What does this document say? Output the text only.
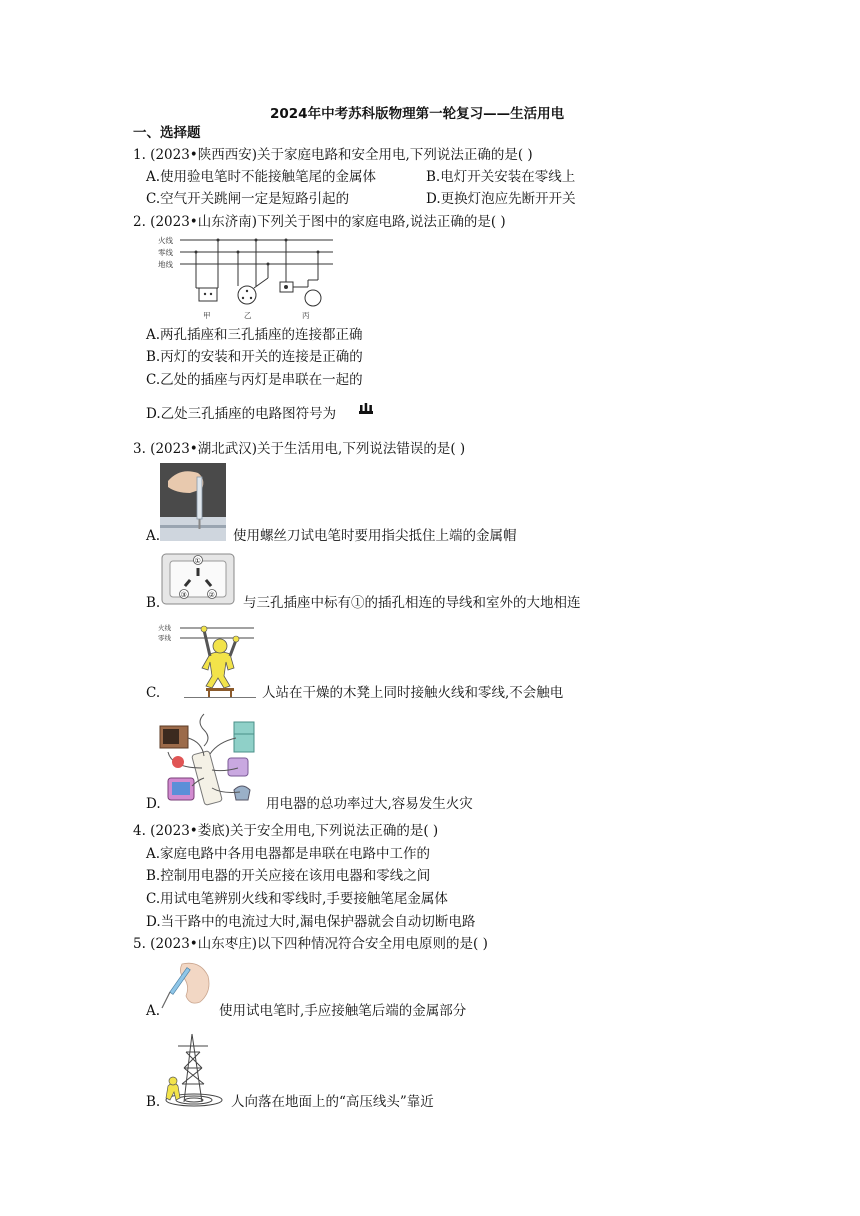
2024年中考苏科版物理第一轮复习——生活用电
一、选择题
1. (2023•陕西西安)关于家庭电路和安全用电,下列说法正确的是( )
A.使用验电笔时不能接触笔尾的金属体	B.电灯开关安装在零线上
C.空气开关跳闸一定是短路引起的	D.更换灯泡应先断开开关
2. (2023•山东济南)下列关于图中的家庭电路,说法正确的是( )
火线
零线
地线
甲	乙	丙
A.两孔插座和三孔插座的连接都正确
B.丙灯的安装和开关的连接是正确的
C.乙处的插座与丙灯是串联在一起的
D.乙处三孔插座的电路图符号为
3. (2023•湖北武汉)关于生活用电,下列说法错误的是( )
A.	使用螺丝刀试电笔时要用指尖抵住上端的金属帽
B.
①
③	② 与三孔插座中标有①的插孔相连的导线和室外的大地相连
C.
火线
零线
人站在干燥的木凳上同时接触火线和零线,不会触电
D.	用电器的总功率过大,容易发生火灾
4. (2023•娄底)关于安全用电,下列说法正确的是( )
A.家庭电路中各用电器都是串联在电路中工作的
B.控制用电器的开关应接在该用电器和零线之间
C.用试电笔辨别火线和零线时,手要接触笔尾金属体
D.当干路中的电流过大时,漏电保护器就会自动切断电路
5. (2023•山东枣庄)以下四种情况符合安全用电原则的是( )
A.	使用试电笔时,手应接触笔后端的金属部分
B.	人向落在地面上的“高压线头”靠近
